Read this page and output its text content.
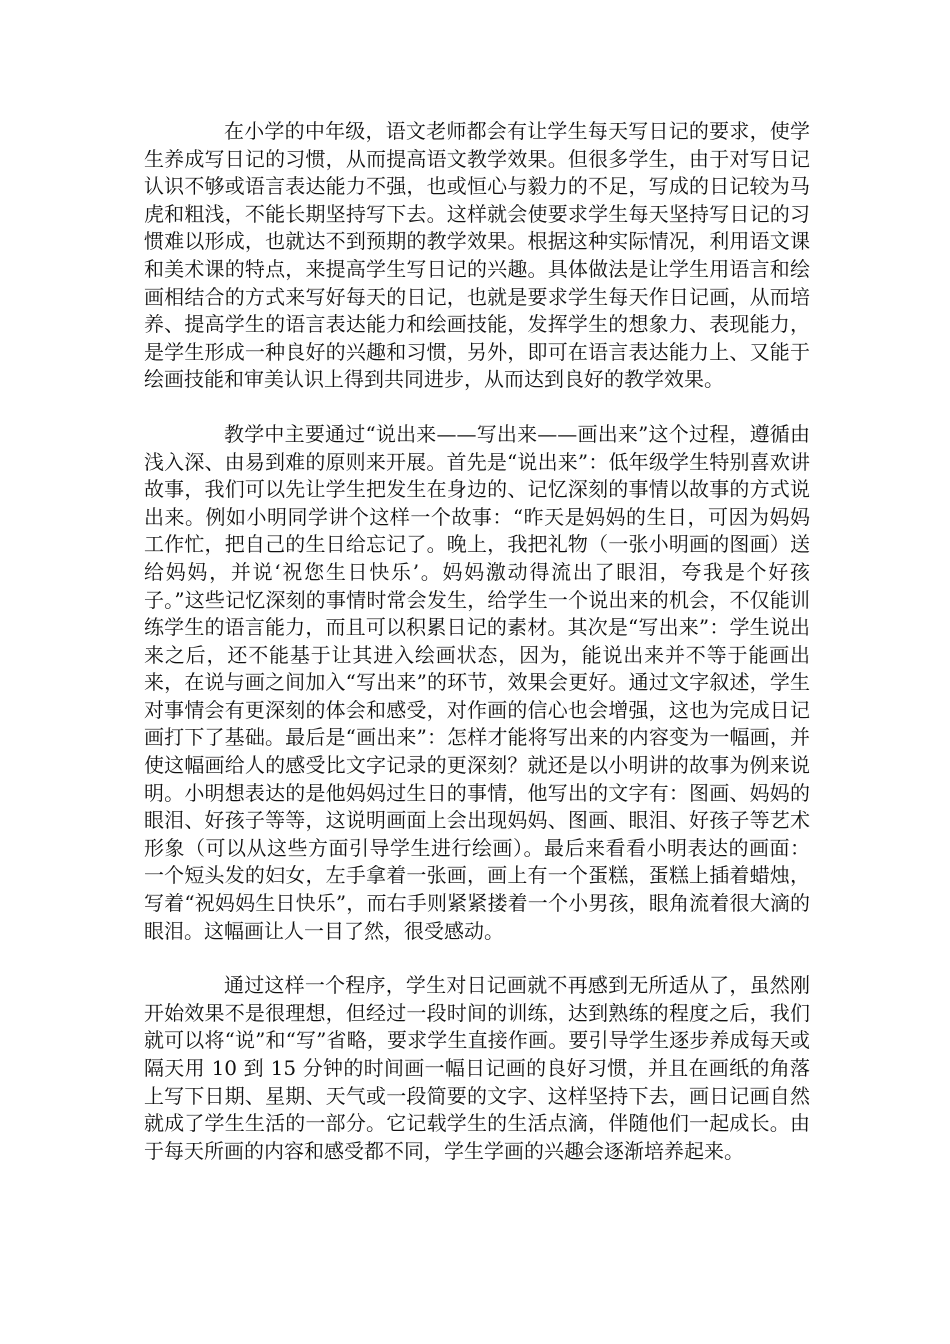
在小学的中年级，语文老师都会有让学生每天写日记的要求，使学生养成写日记的习惯，从而提高语文教学效果。但很多学生，由于对写日记认识不够或语言表达能力不强，也或恒心与毅力的不足，写成的日记较为马虎和粗浅，不能长期坚持写下去。这样就会使要求学生每天坚持写日记的习惯难以形成，也就达不到预期的教学效果。根据这种实际情况，利用语文课和美术课的特点，来提高学生写日记的兴趣。具体做法是让学生用语言和绘画相结合的方式来写好每天的日记，也就是要求学生每天作日记画，从而培养、提高学生的语言表达能力和绘画技能，发挥学生的想象力、表现能力，是学生形成一种良好的兴趣和习惯，另外，即可在语言表达能力上、又能于绘画技能和审美认识上得到共同进步，从而达到良好的教学效果。

教学中主要通过“说出来——写出来——画出来”这个过程，遵循由浅入深、由易到难的原则来开展。首先是“说出来”：低年级学生特别喜欢讲故事，我们可以先让学生把发生在身边的、记忆深刻的事情以故事的方式说出来。例如小明同学讲个这样一个故事：“昨天是妈妈的生日，可因为妈妈工作忙，把自己的生日给忘记了。晚上，我把礼物（一张小明画的图画）送给妈妈，并说‘祝您生日快乐’。妈妈激动得流出了眼泪，夸我是个好孩子。”这些记忆深刻的事情时常会发生，给学生一个说出来的机会，不仅能训练学生的语言能力，而且可以积累日记的素材。其次是“写出来”：学生说出来之后，还不能基于让其进入绘画状态，因为，能说出来并不等于能画出来，在说与画之间加入“写出来”的环节，效果会更好。通过文字叙述，学生对事情会有更深刻的体会和感受，对作画的信心也会增强，这也为完成日记画打下了基础。最后是“画出来”：怎样才能将写出来的内容变为一幅画，并使这幅画给人的感受比文字记录的更深刻？就还是以小明讲的故事为例来说明。小明想表达的是他妈妈过生日的事情，他写出的文字有：图画、妈妈的眼泪、好孩子等等，这说明画面上会出现妈妈、图画、眼泪、好孩子等艺术形象（可以从这些方面引导学生进行绘画）。最后来看看小明表达的画面：一个短头发的妇女，左手拿着一张画，画上有一个蛋糕，蛋糕上插着蜡烛，写着“祝妈妈生日快乐”，而右手则紧紧搂着一个小男孩，眼角流着很大滴的眼泪。这幅画让人一目了然，很受感动。

通过这样一个程序，学生对日记画就不再感到无所适从了，虽然刚开始效果不是很理想，但经过一段时间的训练，达到熟练的程度之后，我们就可以将“说”和“写”省略，要求学生直接作画。要引导学生逐步养成每天或隔天用 10 到 15 分钟的时间画一幅日记画的良好习惯，并且在画纸的角落上写下日期、星期、天气或一段简要的文字、这样坚持下去，画日记画自然就成了学生生活的一部分。它记载学生的生活点滴，伴随他们一起成长。由于每天所画的内容和感受都不同，学生学画的兴趣会逐渐培养起来。
